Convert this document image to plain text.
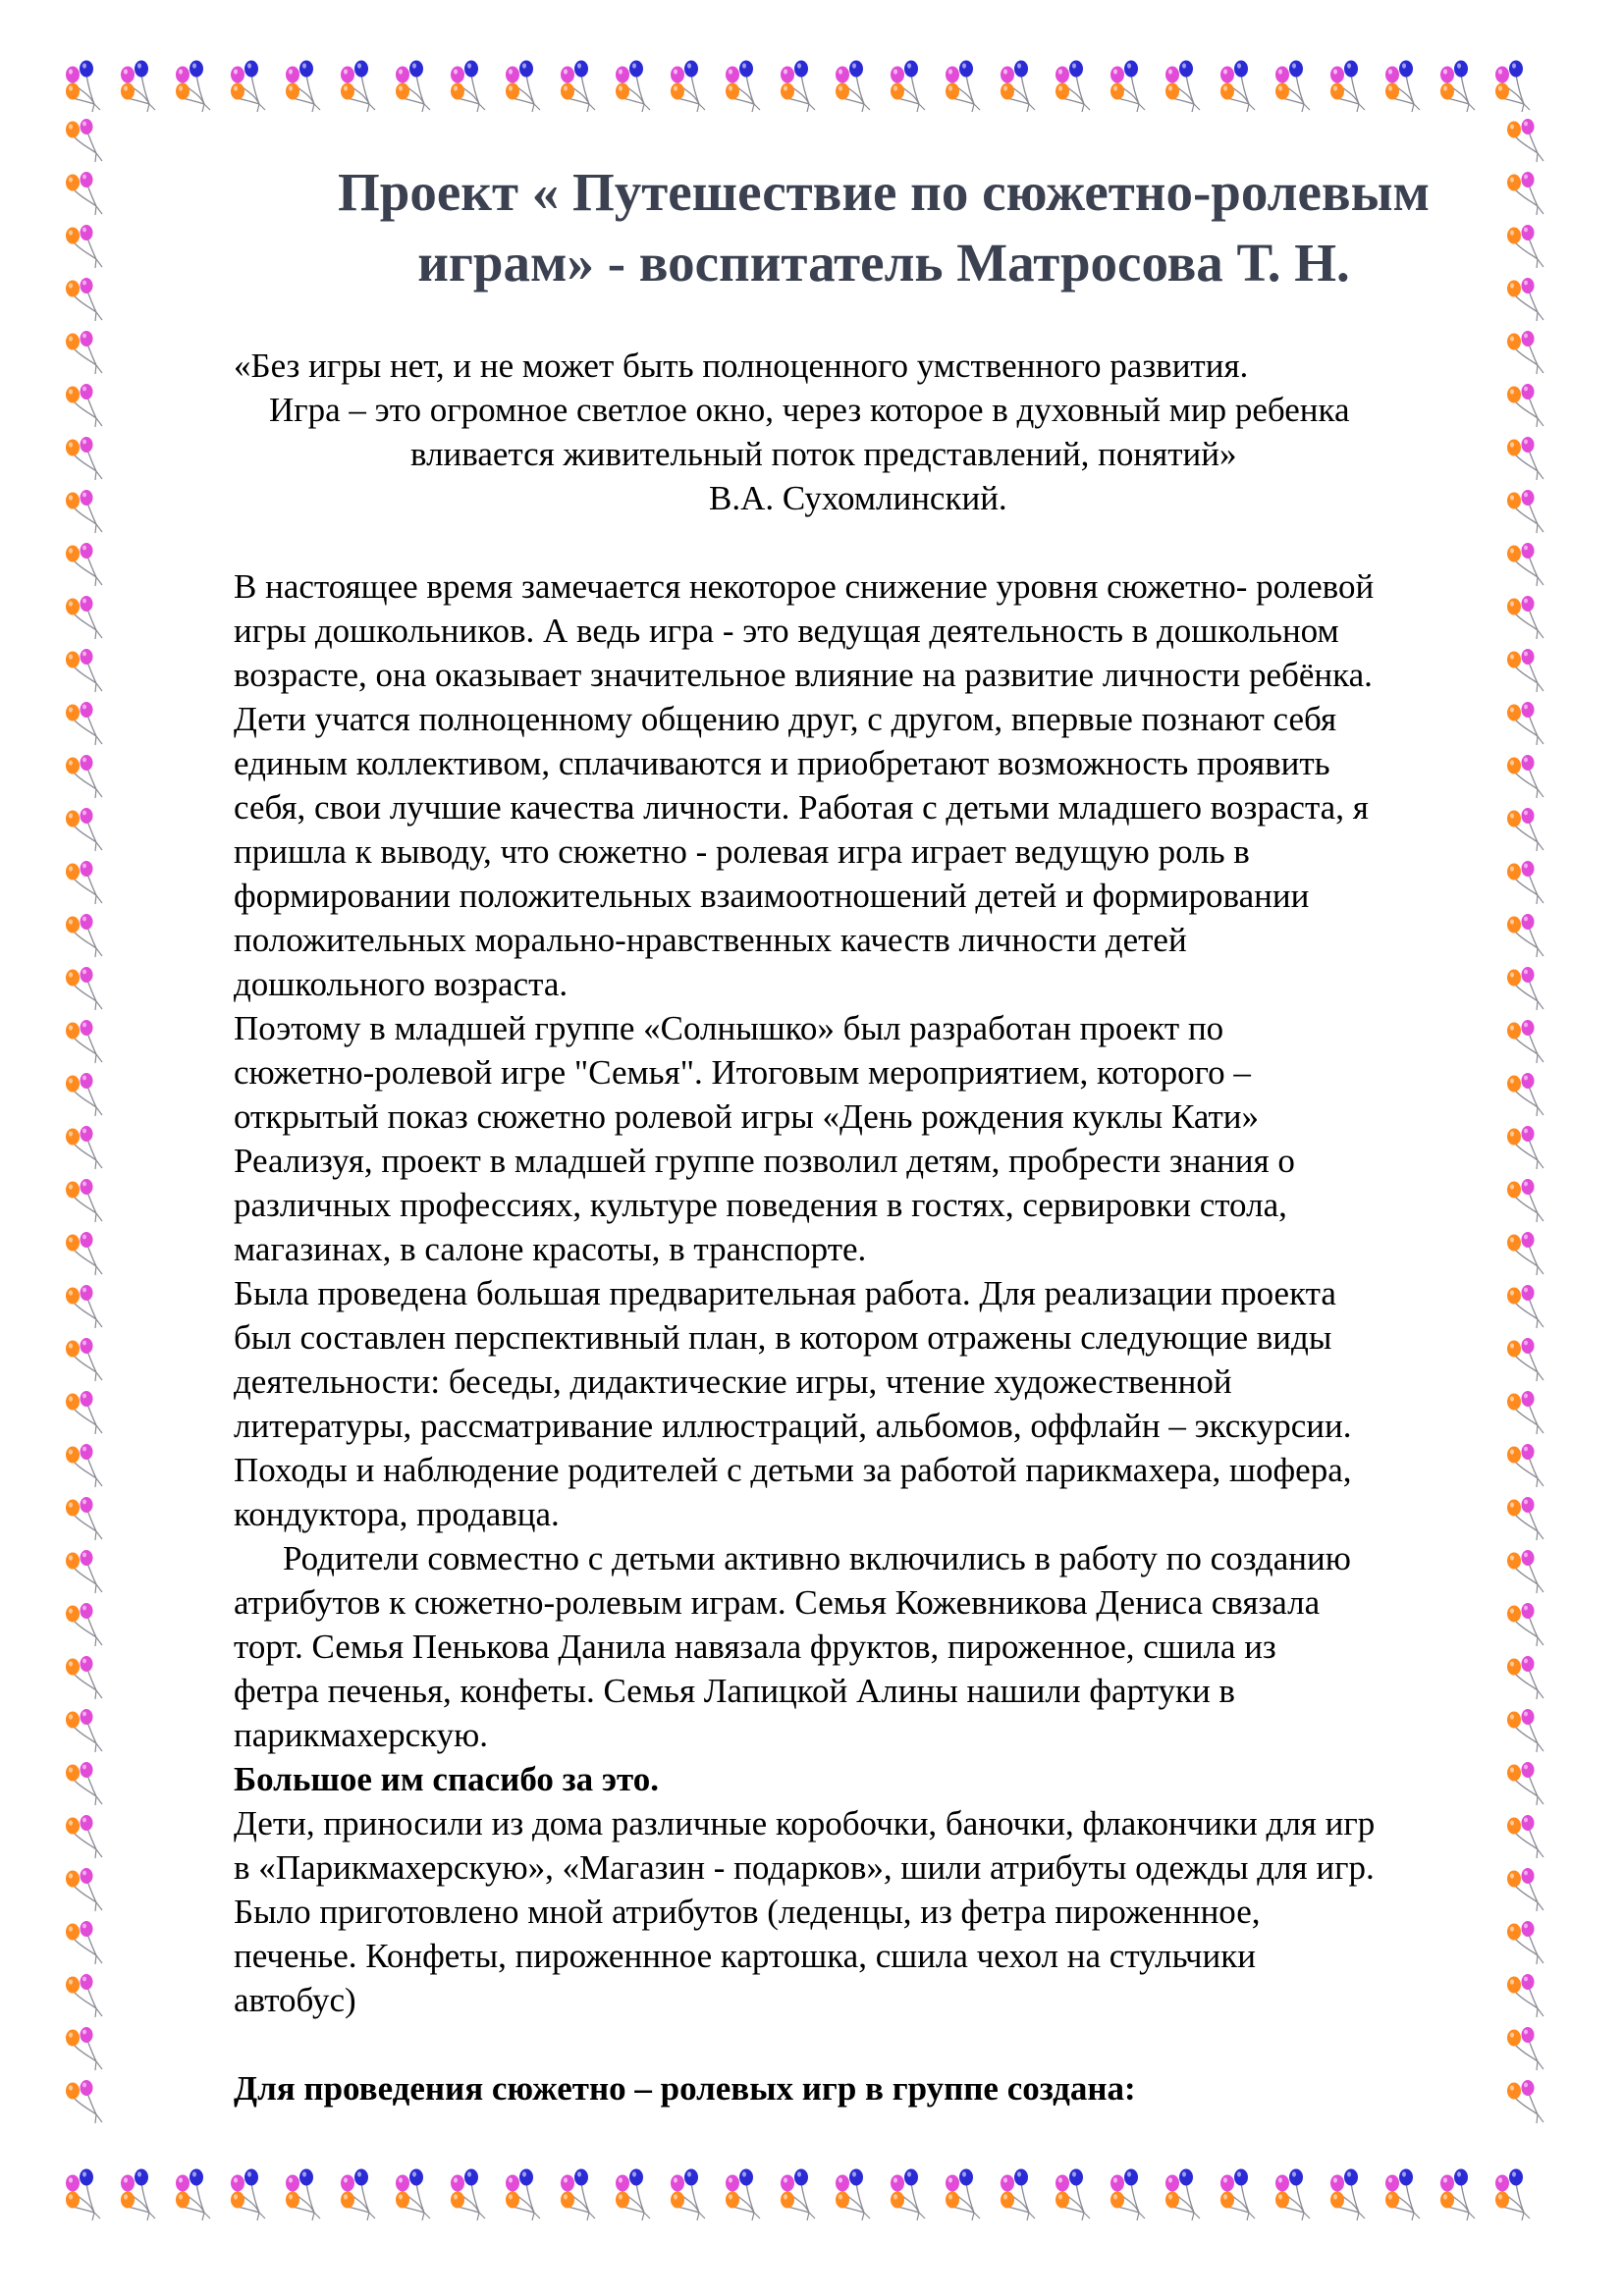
Проект « Путешествие по сюжетно-ролевым
играм» - воспитатель Матросова Т. Н.
«Без игры нет, и не может быть полноценного умственного развития.
Игра – это огромное светлое окно, через которое в духовный мир ребенка
вливается живительный поток представлений, понятий»
В.А. Сухомлинский.
В настоящее время замечается некоторое снижение уровня сюжетно- ролевой
игры дошкольников. А ведь игра - это ведущая деятельность в дошкольном
возрасте, она оказывает значительное влияние на развитие личности ребёнка.
Дети учатся полноценному общению друг, с другом, впервые познают себя
единым коллективом, сплачиваются и приобретают возможность проявить
себя, свои лучшие качества личности. Работая с детьми младшего возраста, я
пришла к выводу, что сюжетно - ролевая игра играет ведущую роль в
формировании положительных взаимоотношений детей и формировании
положительных морально-нравственных качеств личности детей
дошкольного возраста.
Поэтому в младшей группе «Солнышко» был разработан проект по
сюжетно-ролевой игре "Семья". Итоговым мероприятием, которого –
открытый показ сюжетно ролевой игры «День рождения куклы Кати»
Реализуя, проект в младшей группе позволил детям, пробрести знания о
различных профессиях, культуре поведения в гостях, сервировки стола,
магазинах, в салоне красоты, в транспорте.
Была проведена большая предварительная работа. Для реализации проекта
был составлен перспективный план, в котором отражены следующие виды
деятельности: беседы, дидактические игры, чтение художественной
литературы, рассматривание иллюстраций, альбомов, оффлайн – экскурсии.
Походы и наблюдение родителей с детьми за работой парикмахера, шофера,
кондуктора, продавца.
Родители совместно с детьми активно включились в работу по созданию
атрибутов к сюжетно-ролевым играм. Семья Кожевникова Дениса связала
торт. Семья Пенькова Данила навязала фруктов, пироженное, сшила из
фетра печенья, конфеты. Семья Лапицкой Алины нашили фартуки в
парикмахерскую.
Большое им спасибо за это.
Дети, приносили из дома различные коробочки, баночки, флакончики для игр
в «Парикмахерскую», «Магазин - подарков», шили атрибуты одежды для игр.
Было приготовлено мной атрибутов (леденцы, из фетра пироженнное,
печенье. Конфеты, пироженнное картошка, сшила чехол на стульчики
автобус)

Для проведения сюжетно – ролевых игр в группе создана:
